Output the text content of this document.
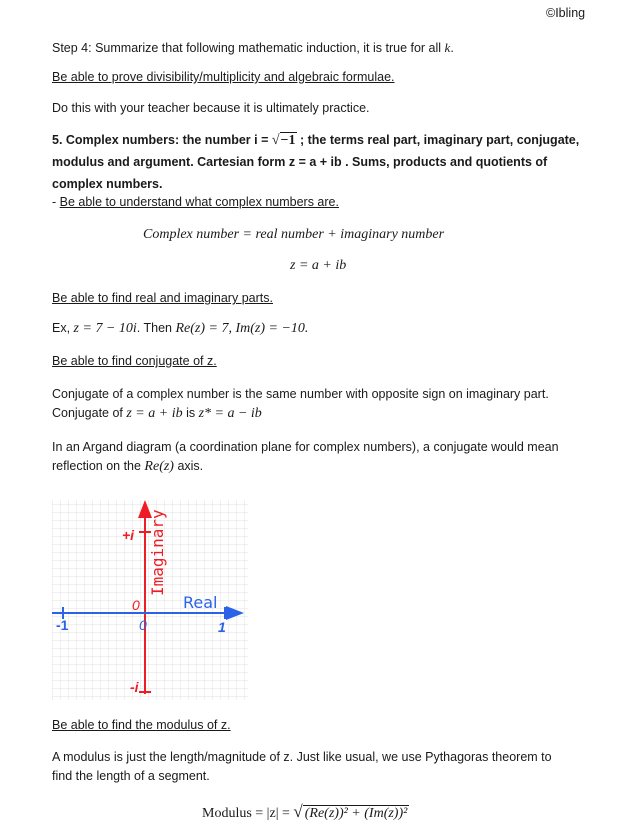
©Ibling
Step 4: Summarize that following mathematic induction, it is true for all k.
Be able to prove divisibility/multiplicity and algebraic formulae.
Do this with your teacher because it is ultimately practice.
5. Complex numbers: the number i = √−1 ; the terms real part, imaginary part, conjugate,
modulus and argument. Cartesian form z = a + ib . Sums, products and quotients of
complex numbers.
- Be able to understand what complex numbers are.
Complex number = real number + imaginary number
z = a + ib
Be able to find real and imaginary parts.
Ex, z = 7 − 10i. Then Re(z) = 7, Im(z) = −10.
Be able to find conjugate of z.
Conjugate of a complex number is the same number with opposite sign on imaginary part.
Conjugate of z = a + ib is z* = a − ib
In an Argand diagram (a coordination plane for complex numbers), a conjugate would mean
reflection on the Re(z) axis.
+i
-i
Imaginary
Real
-1	1
0
0
Be able to find the modulus of z.
A modulus is just the length/magnitude of z. Just like usual, we use Pythagoras theorem to
find the length of a segment.
Modulus = |z| = √ (Re(z))² + (Im(z))²
